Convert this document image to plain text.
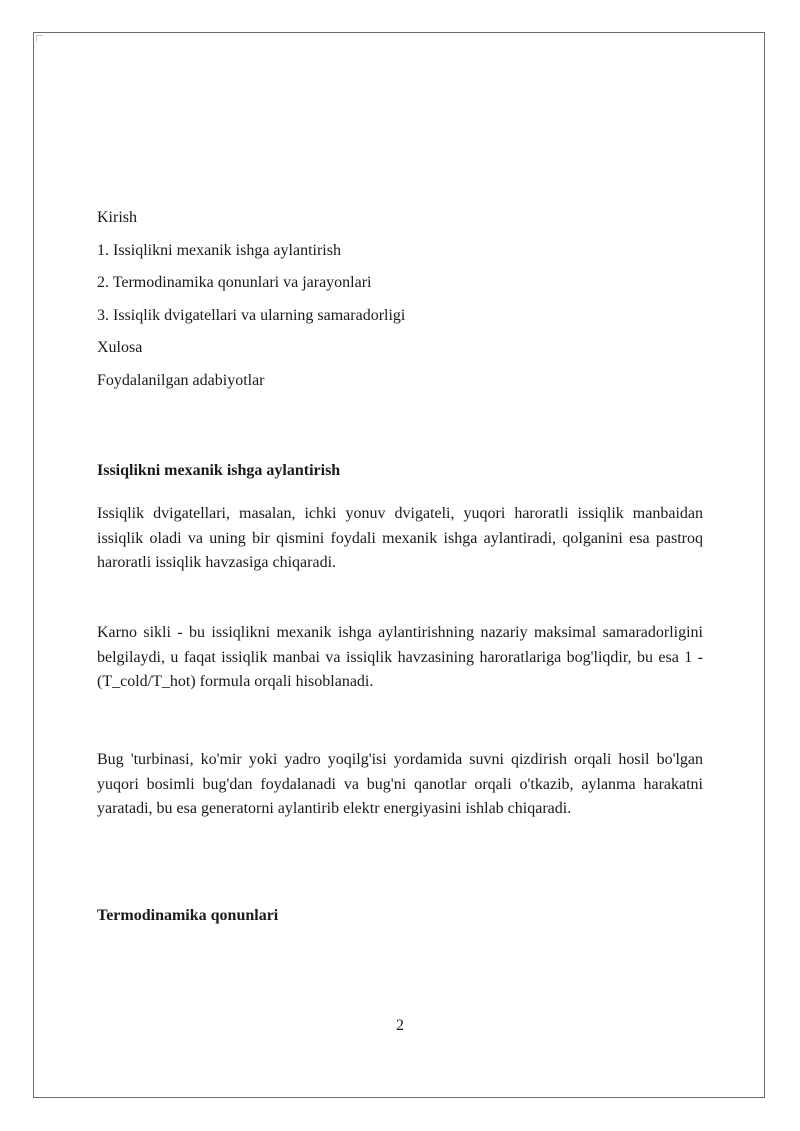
Kirish
1. Issiqlikni mexanik ishga aylantirish
2. Termodinamika qonunlari va jarayonlari
3. Issiqlik dvigatellari va ularning samaradorligi
Xulosa
Foydalanilgan adabiyotlar
Issiqlikni mexanik ishga aylantirish

Issiqlik dvigatellari, masalan, ichki yonuv dvigateli, yuqori haroratli issiqlik manbaidan issiqlik oladi va uning bir qismini foydali mexanik ishga aylantiradi, qolganini esa pastroq haroratli issiqlik havzasiga chiqaradi.

Karno sikli - bu issiqlikni mexanik ishga aylantirishning nazariy maksimal samaradorligini belgilaydi, u faqat issiqlik manbai va issiqlik havzasining haroratlariga bog'liqdir, bu esa 1 - (T_cold/T_hot) formula orqali hisoblanadi.

Bug 'turbinasi, ko'mir yoki yadro yoqilg'isi yordamida suvni qizdirish orqali hosil bo'lgan yuqori bosimli bug'dan foydalanadi va bug'ni qanotlar orqali o'tkazib, aylanma harakatni yaratadi, bu esa generatorni aylantirib elektr energiyasini ishlab chiqaradi.

Termodinamika qonunlari
2
